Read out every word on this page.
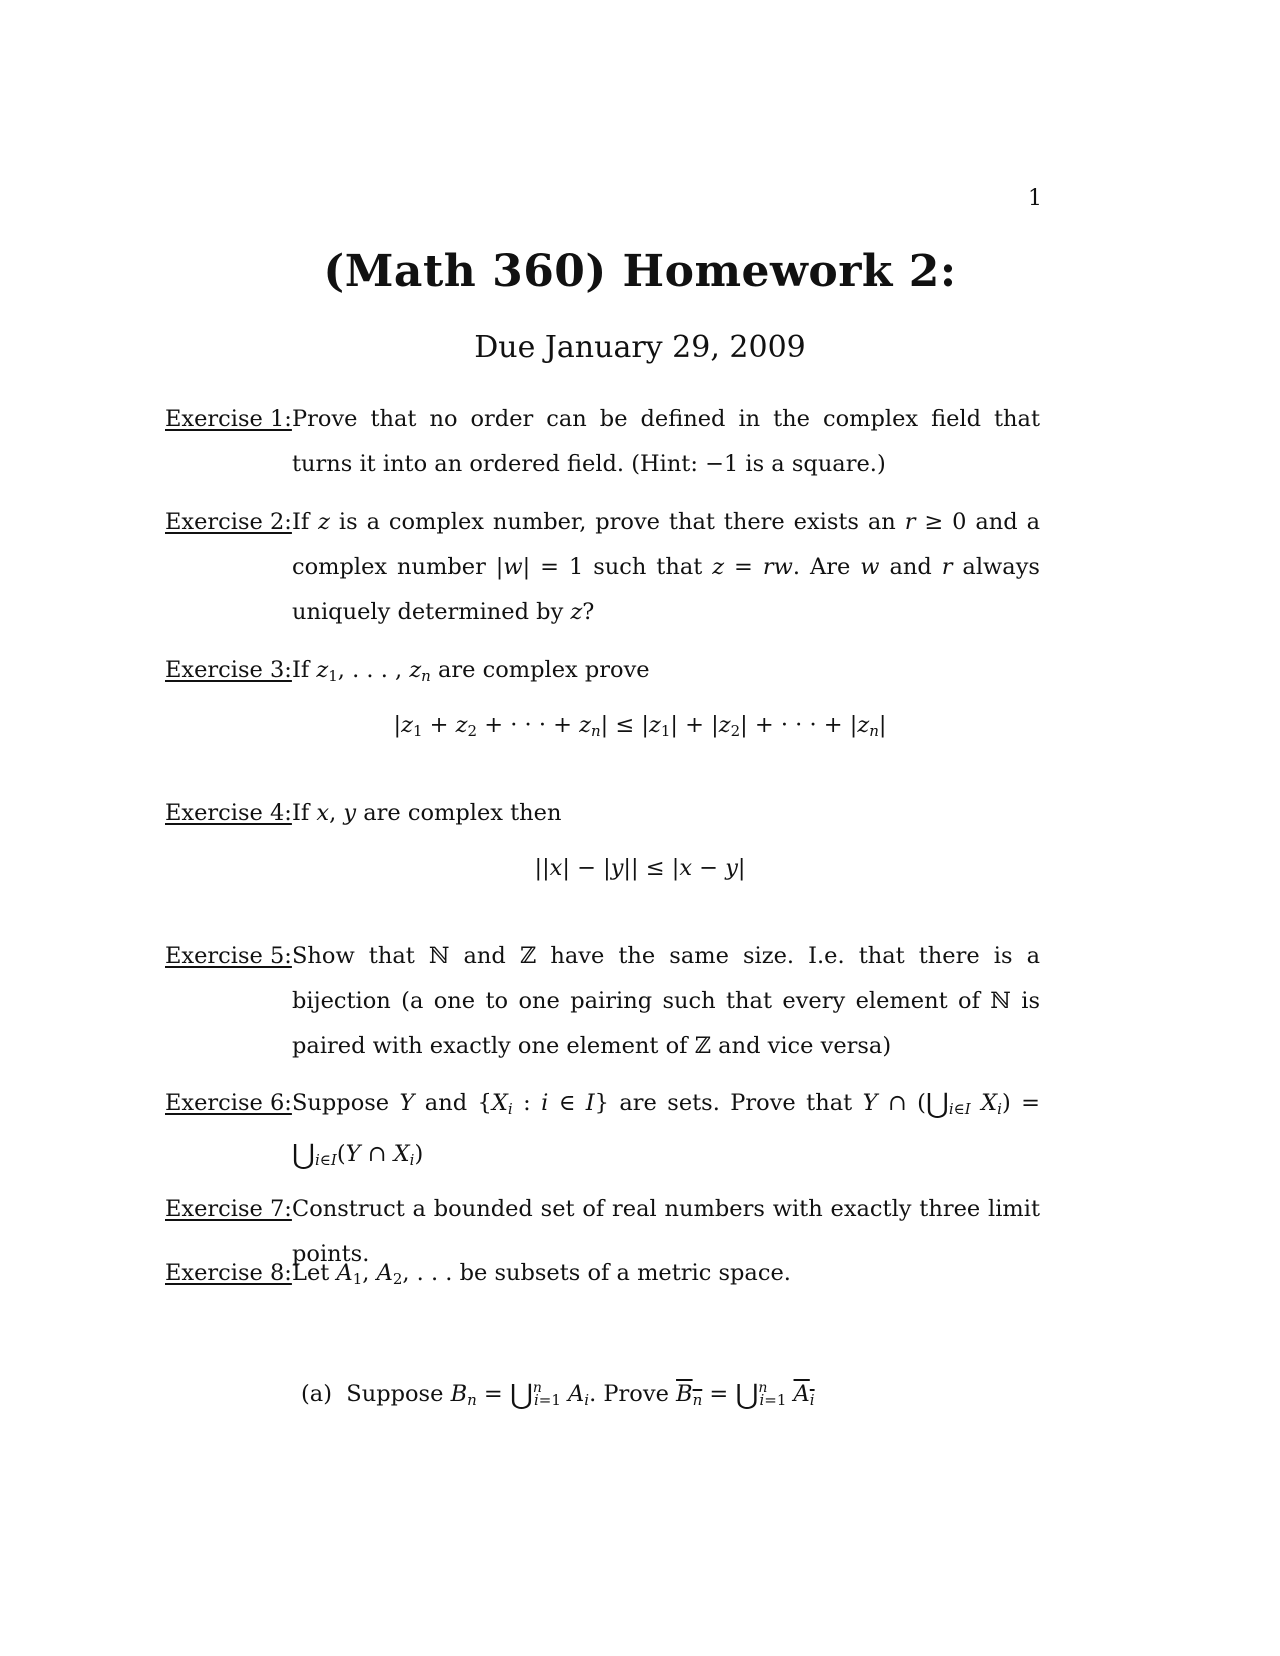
1
(Math 360) Homework 2:
Due January 29, 2009
Exercise 1: Prove that no order can be defined in the complex field that turns it into an ordered field. (Hint: −1 is a square.)
Exercise 2: If z is a complex number, prove that there exists an r ≥ 0 and a complex number |w| = 1 such that z = rw. Are w and r always uniquely determined by z?
Exercise 3: If $z_1$, . . . , $z_n$ are complex prove
$|z_1 + z_2$ + · · · + $z_n| \le |z_1| + |z_2|$ + · · · + $|z_n|$
Exercise 4: If x, y are complex then
||x| − |y|| ≤ |x − y|
Exercise 5: Show that ℕ and ℤ have the same size. I.e. that there is a bijection (a one to one pairing such that every element of ℕ is paired with exactly one element of ℤ and vice versa)
Exercise 6: Suppose Y and {$X_i$ : i ∈ I} are sets. Prove that Y ∩ ($⋃_{i\in I}$ $X_i$) = $⋃_{i\in I}(Y$ ∩ $X_i$)
Exercise 7: Construct a bounded set of real numbers with exactly three limit points.
Exercise 8: Let $A_1$, $A_2$, . . . be subsets of a metric space.
(a)  Suppose $B_n$ = ⋃$^n_{i=1}$ $A_i$. Prove $B_n$ = ⋃$^n_{i=1}$ $A_i$
